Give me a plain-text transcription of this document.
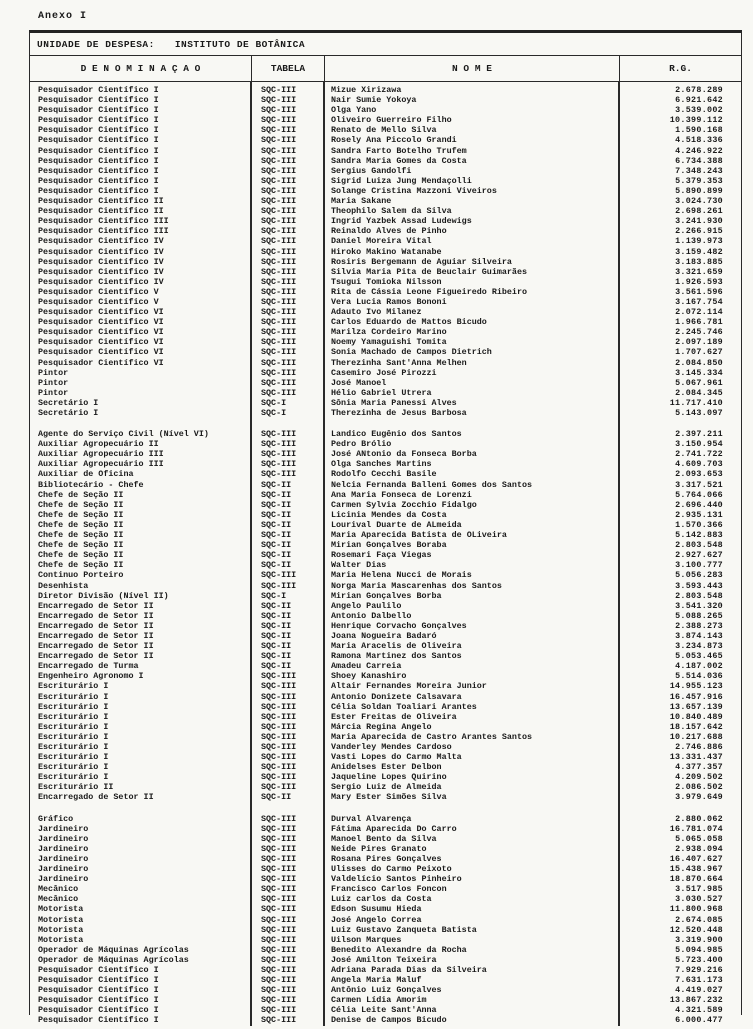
Anexo I
UNIDADE DE DESPESA: INSTITUTO DE BOTÂNICA
D E N O M I N A Ç A O	TABELA	N O M E	R.G.
Pesquisador Científico I	SQC-III	Mizue Xirizawa	2.678.289
Pesquisador Científico I	SQC-III	Nair Sumie Yokoya	6.921.642
Pesquisador Científico I	SQC-III	Olga Yano	3.539.002
Pesquisador Científico I	SQC-III	Oliveiro Guerreiro Filho	10.399.112
Pesquisador Científico I	SQC-III	Renato de Mello Silva	1.590.168
Pesquisador Científico I	SQC-III	Rosely Ana Piccolo Grandi	4.518.336
Pesquisador Científico I	SQC-III	Sandra Farto Botelho Trufem	4.246.922
Pesquisador Científico I	SQC-III	Sandra Maria Gomes da Costa	6.734.388
Pesquisador Científico I	SQC-III	Sergius Gandolfi	7.348.243
Pesquisador Científico I	SQC-III	Sigrid Luiza Jung Mendaçolli	5.379.353
Pesquisador Científico I	SQC-III	Solange Cristina Mazzoni Viveiros	5.890.899
Pesquisador Científico II	SQC-III	Maria Sakane	3.024.730
Pesquisador Científico II	SQC-III	Theophilo Salem da Silva	2.698.261
Pesquisador Científico III	SQC-III	Ingrid Yazbek Assad Ludewigs	3.241.930
Pesquisador Científico III	SQC-III	Reinaldo Alves de Pinho	2.266.915
Pesquisador Científico IV	SQC-III	Daniel Moreira Vital	1.139.973
Pesquisador Científico IV	SQC-III	Hiroko Makino Watanabe	3.159.482
Pesquisador Científico IV	SQC-III	Rosiris Bergemann de Aguiar Silveira	3.183.885
Pesquisador Científico IV	SQC-III	Silvia Maria Pita de Beuclair Guimarães	3.321.659
Pesquisador Científico IV	SQC-III	Tsugui Tomioka Nilsson	1.926.593
Pesquisador Científico V	SQC-III	Rita de Cássia Leone Figueiredo Ribeiro	3.561.596
Pesquisador Científico V	SQC-III	Vera Lucia Ramos Bononi	3.167.754
Pesquisador Científico VI	SQC-III	Adauto Ivo Milanez	2.072.114
Pesquisador Científico VI	SQC-III	Carlos Eduardo de Mattos Bicudo	1.966.781
Pesquisador Científico VI	SQC-III	Marilza Cordeiro Marino	2.245.746
Pesquisador Científico VI	SQC-III	Noemy Yamaguishi Tomita	2.097.189
Pesquisador Científico VI	SQC-III	Sonia Machado de Campos Dietrich	1.707.627
Pesquisador Científico VI	SQC-III	Therezinha Sant'Anna Melhen	2.084.850
Pintor	SQC-III	Casemiro José Pirozzi	3.145.334
Pintor	SQC-III	José Manoel	5.067.961
Pintor	SQC-III	Hélio Gabriel Utrera	2.084.345
Secretário I	SQC-I	Sônia Maria Panessi Alves	11.717.410
Secretário I	SQC-I	Therezinha de Jesus Barbosa	5.143.097
Agente do Serviço Civil (Nível VI)	SQC-III	Landico Eugênio dos Santos	2.397.211
Auxiliar Agropecuário II	SQC-III	Pedro Brólio	3.150.954
Auxiliar Agropecuário III	SQC-III	José ANtonio da Fonseca Borba	2.741.722
Auxiliar Agropecuário III	SQC-III	Olga Sanches Martins	4.609.703
Auxiliar de Oficina	SQC-III	Rodolfo Cecchi Basile	2.093.653
Bibliotecário - Chefe	SQC-II	Nelcia Fernanda Balleni Gomes dos Santos	3.317.521
Chefe de Seção II	SQC-II	Ana Maria Fonseca de Lorenzi	5.764.066
Chefe de Seção II	SQC-II	Carmen Sylvia Zocchio Fidalgo	2.696.440
Chefe de Seção II	SQC-II	Licinia Mendes da Costa	2.935.131
Chefe de Seção II	SQC-II	Lourival Duarte de ALmeida	1.570.366
Chefe de Seção II	SQC-II	Maria Aparecida Batista de OLiveira	5.142.883
Chefe de Seção II	SQC-II	Mirian Gonçalves Boraba	2.803.548
Chefe de Seção II	SQC-II	Rosemari Faça Viegas	2.927.627
Chefe de Seção II	SQC-II	Walter Dias	3.100.777
Continuo Porteiro	SQC-III	Maria Helena Nucci de Morais	5.056.283
Desenhista	SQC-III	Norga Maria Mascarenhas dos Santos	3.593.443
Diretor Divisão (Nível II)	SQC-I	Mirian Gonçalves Borba	2.803.548
Encarregado de Setor II	SQC-II	Angelo Paulilo	3.541.320
Encarregado de Setor II	SQC-II	Antonio Dalbello	5.088.265
Encarregado de Setor II	SQC-II	Henrique Corvacho Gonçalves	2.388.273
Encarregado de Setor II	SQC-II	Joana Nogueira Badaró	3.874.143
Encarregado de Setor II	SQC-II	Maria Aracelis de Oliveira	3.234.873
Encarregado de Setor II	SQC-II	Ramona Martinez dos Santos	5.053.465
Encarregado de Turma	SQC-II	Amadeu Carreia	4.187.002
Engenheiro Agronomo I	SQC-III	Shoey Kanashiro	5.514.036
Escriturário I	SQC-III	Altair Fernandes Moreira Junior	14.955.123
Escriturário I	SQC-III	Antonio Donizete Calsavara	16.457.916
Escriturário I	SQC-III	Célia Soldan Toaliari Arantes	13.657.139
Escriturário I	SQC-III	Ester Freitas de Oliveira	10.840.489
Escriturário I	SQC-III	Márcia Regina Angelo	18.157.642
Escriturário I	SQC-III	Maria Aparecida de Castro Arantes Santos	10.217.688
Escriturário I	SQC-III	Vanderley Mendes Cardoso	2.746.886
Escriturário I	SQC-III	Vasti Lopes do Carmo Malta	13.331.437
Escriturário I	SQC-III	Anidelses Ester Delbon	4.377.357
Escriturário I	SQC-III	Jaqueline Lopes Quirino	4.209.502
Escriturário II	SQC-III	Sergio Luiz de Almeida	2.086.502
Encarregado de Setor II	SQC-II	Mary Ester Simões Silva	3.979.649
Gráfico	SQC-III	Durval Alvarença	2.880.062
Jardineiro	SQC-III	Fátima Aparecida Do Carro	16.781.074
Jardineiro	SQC-III	Manoel Bento da Silva	5.065.058
Jardineiro	SQC-III	Neide Pires Granato	2.938.094
Jardineiro	SQC-III	Rosana Pires Gonçalves	16.407.627
Jardineiro	SQC-III	Ulisses do Carmo Peixoto	15.438.967
Jardineiro	SQC-III	Valdelício Santos Pinheiro	18.870.664
Mecânico	SQC-III	Francisco Carlos Foncon	3.517.985
Mecânico	SQC-III	Luiz carlos da Costa	3.030.527
Motorista	SQC-III	Edson Susumu Hieda	11.800.968
Motorista	SQC-III	José Angelo Correa	2.674.085
Motorista	SQC-III	Luiz Gustavo Zanqueta Batista	12.520.448
Motorista	SQC-III	Uilson Marques	3.319.900
Operador de Máquinas Agrícolas	SQC-III	Benedito Alexandre da Rocha	5.094.985
Operador de Máquinas Agrícolas	SQC-III	José Amilton Teixeira	5.723.400
Pesquisador Científico I	SQC-III	Adriana Parada Dias da Silveira	7.929.216
Pesquisador Científico I	SQC-III	Angela Maria Maluf	7.631.173
Pesquisador Científico I	SQC-III	Antônio Luiz Gonçalves	4.419.027
Pesquisador Científico I	SQC-III	Carmen Lídia Amorim	13.867.232
Pesquisador Científico I	SQC-III	Célia Leite Sant'Anna	4.321.589
Pesquisador Científico I	SQC-III	Denise de Campos Bicudo	6.000.477
